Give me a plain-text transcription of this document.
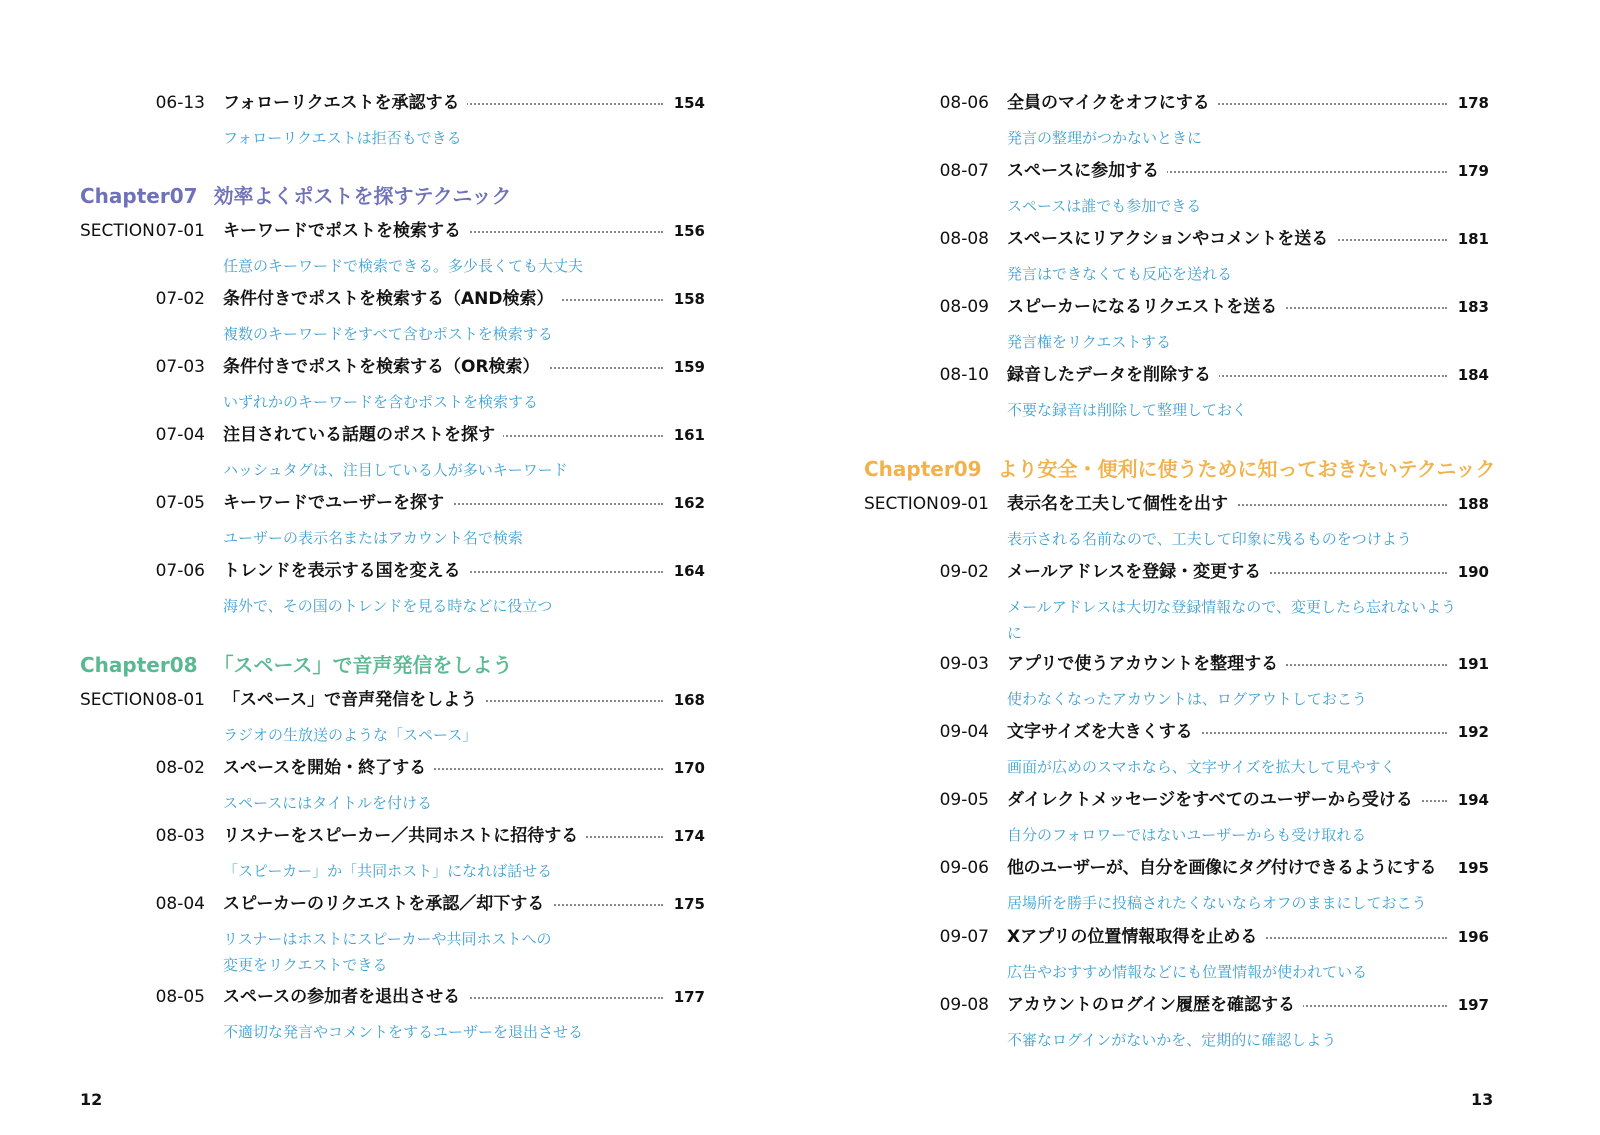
Chapter07 効率よくポストを探すテクニック
Chapter08 「スペース」で音声発信をしよう
06-13 フォローリクエストを承認する	154
フォローリクエストは拒否もできる
SECTION 07-01 キーワードでポストを検索する	156
任意のキーワードで検索できる。多少長くても大丈夫
07-02 条件付きでポストを検索する（AND検索）	158
複数のキーワードをすべて含むポストを検索する
07-03 条件付きでポストを検索する（OR検索）	159
いずれかのキーワードを含むポストを検索する
07-04 注目されている話題のポストを探す	161
ハッシュタグは、注目している人が多いキーワード
07-05 キーワードでユーザーを探す	162
ユーザーの表示名またはアカウント名で検索
07-06 トレンドを表示する国を変える	164
海外で、その国のトレンドを見る時などに役立つ
SECTION 08-01 「スペース」で音声発信をしよう	168
ラジオの生放送のような「スペース」
08-02 スペースを開始・終了する	170
スペースにはタイトルを付ける
08-03 リスナーをスピーカー／共同ホストに招待する	174
「スピーカー」か「共同ホスト」になれば話せる
08-04 スピーカーのリクエストを承認／却下する	175
リスナーはホストにスピーカーや共同ホストへの
変更をリクエストできる
08-05 スペースの参加者を退出させる	177
不適切な発言やコメントをするユーザーを退出させる
12
Chapter09 より安全・便利に使うために知っておきたいテクニック
08-06 全員のマイクをオフにする	178
発言の整理がつかないときに
08-07 スペースに参加する	179
スペースは誰でも参加できる
08-08 スペースにリアクションやコメントを送る	181
発言はできなくても反応を送れる
08-09 スピーカーになるリクエストを送る	183
発言権をリクエストする
08-10 録音したデータを削除する	184
不要な録音は削除して整理しておく
SECTION 09-01 表示名を工夫して個性を出す	188
表示される名前なので、工夫して印象に残るものをつけよう
09-02 メールアドレスを登録・変更する	190
メールアドレスは大切な登録情報なので、変更したら忘れないよう
に
09-03 アプリで使うアカウントを整理する	191
使わなくなったアカウントは、ログアウトしておこう
09-04 文字サイズを大きくする	192
画面が広めのスマホなら、文字サイズを拡大して見やすく
09-05 ダイレクトメッセージをすべてのユーザーから受ける	194
自分のフォロワーではないユーザーからも受け取れる
09-06 他のユーザーが、自分を画像にタグ付けできるようにする	195
居場所を勝手に投稿されたくないならオフのままにしておこう
09-07 Xアプリの位置情報取得を止める	196
広告やおすすめ情報などにも位置情報が使われている
09-08 アカウントのログイン履歴を確認する	197
不審なログインがないかを、定期的に確認しよう
13
